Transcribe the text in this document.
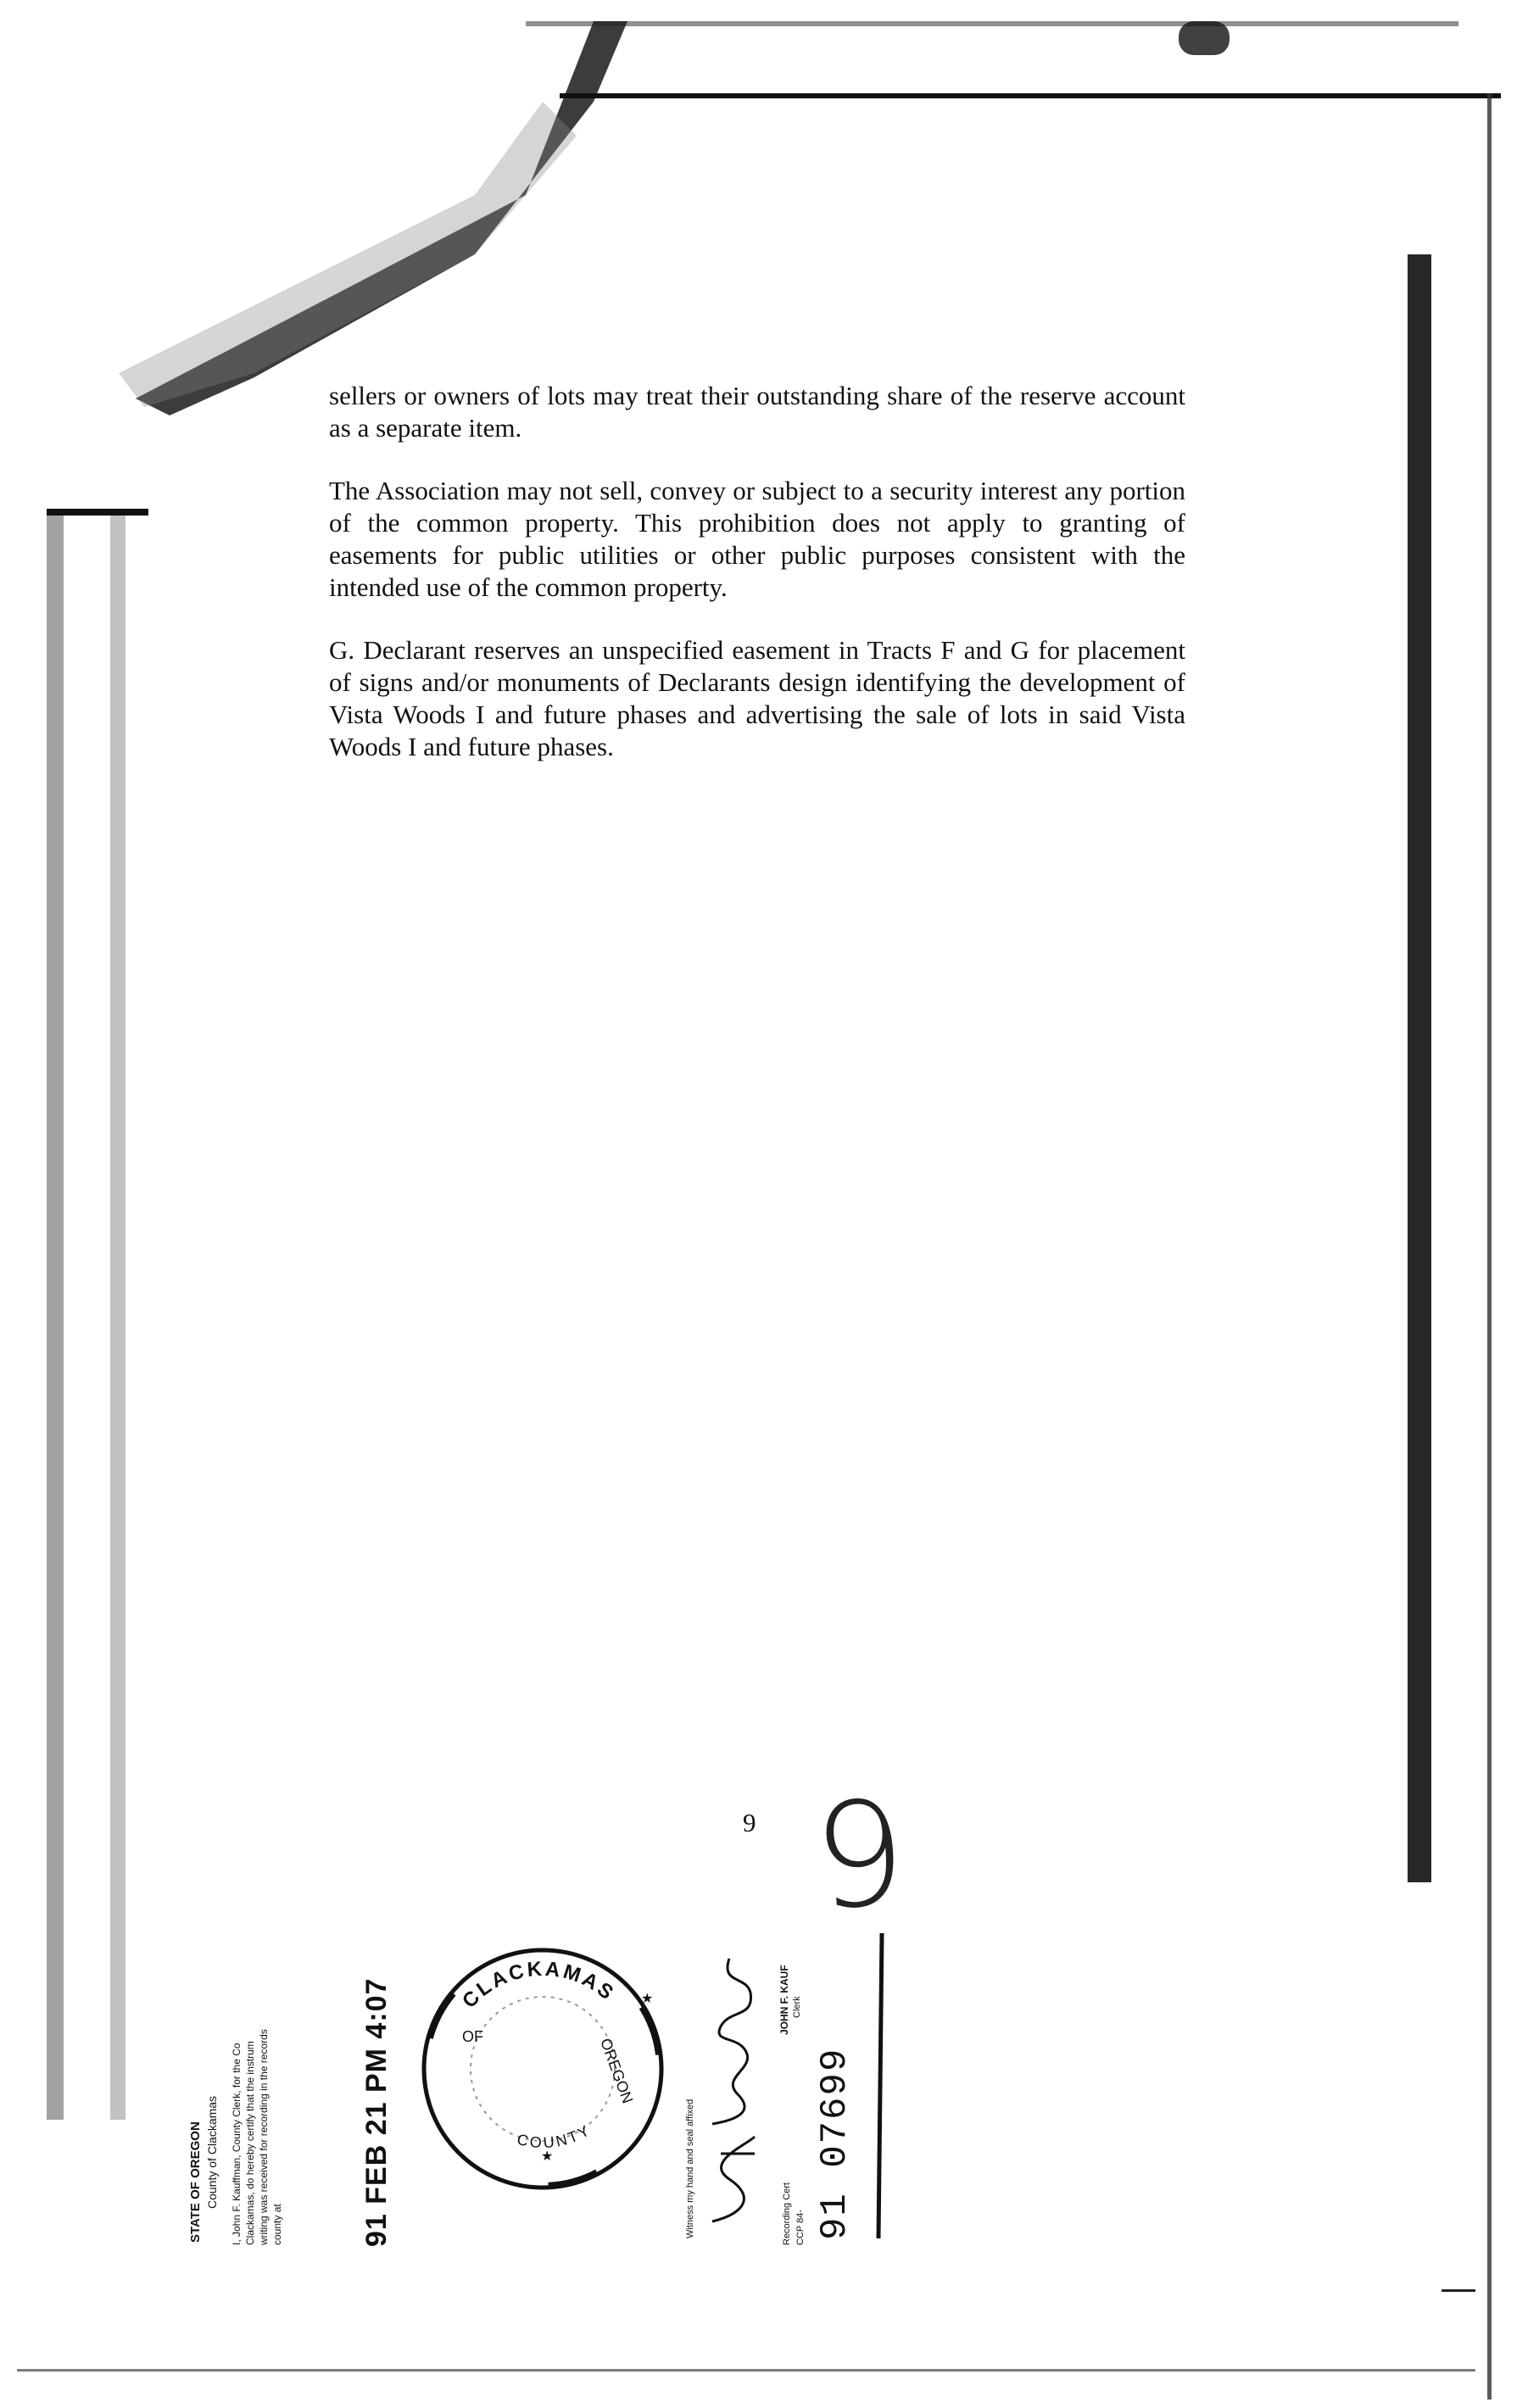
sellers or owners of lots may treat their outstanding share of the reserve account as a separate item.

The Association may not sell, convey or subject to a security interest any portion of the common property. This prohibition does not apply to granting of easements for public utilities or other public purposes consistent with the intended use of the common property.

G. Declarant reserves an unspecified easement in Tracts F and G for placement of signs and/or monuments of Declarants design identifying the development of Vista Woods I and future phases and advertising the sale of lots in said Vista Woods I and future phases.

9 9
STATE OF OREGON County of Clackamas I, John F. Kauffman, County Clerk, for the Co Clackamas, do hereby certify that the instrum writing was received for recording in the records county at	91 FEB 21 PM 4:07	CLACKAMAS
COUNTY
OF	OREGON
★
★	Witness my hand and seal affixed
JOHN F. KAUF Clerk
Recording Cert CCP 84- 91 07699
